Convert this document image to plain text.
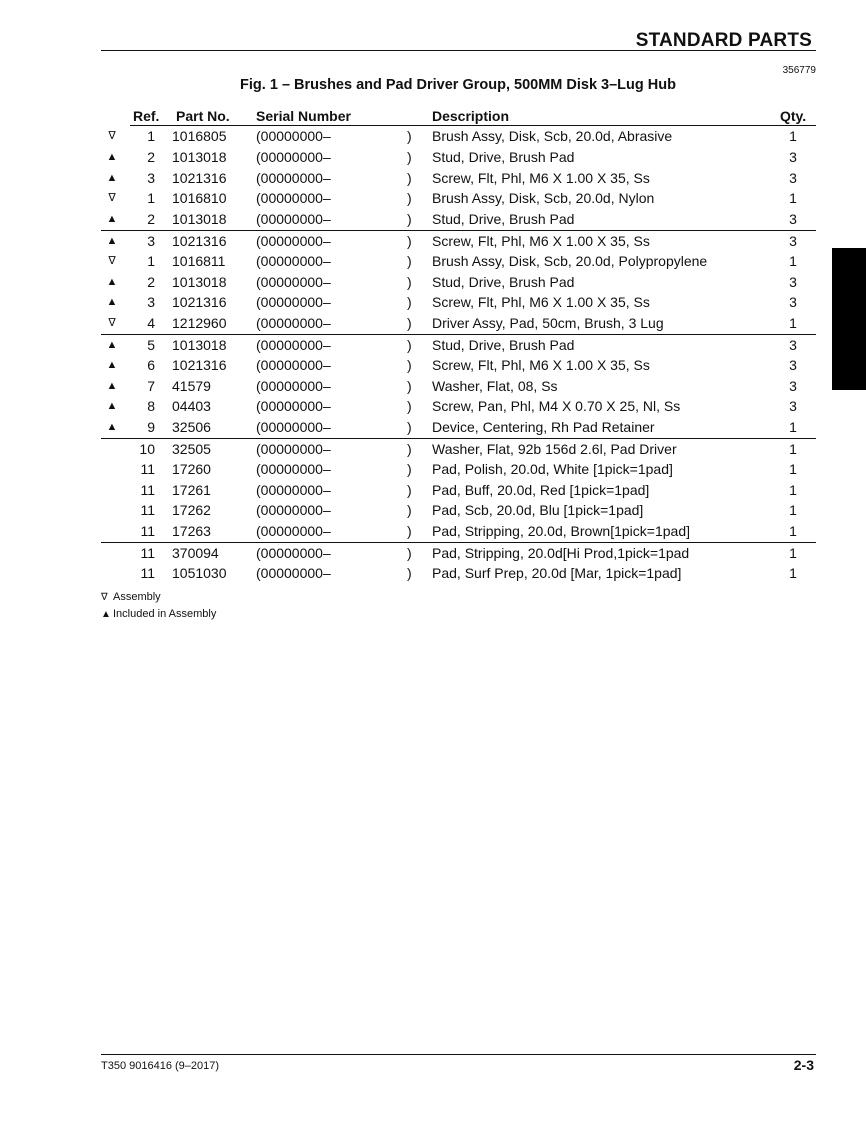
STANDARD PARTS
356779
Fig. 1 – Brushes and Pad Driver Group, 500MM Disk 3–Lug Hub
Ref. Part No. Serial Number	Description	Qty.
∇	1 1016805 (00000000–	) Brush Assy, Disk, Scb, 20.0d, Abrasive	1
▲	2 1013018 (00000000–	) Stud, Drive, Brush Pad	3
▲	3 1021316 (00000000–	) Screw, Flt, Phl, M6 X 1.00 X 35, Ss	3
∇	1 1016810 (00000000–	) Brush Assy, Disk, Scb, 20.0d, Nylon	1
▲	2 1013018 (00000000–	) Stud, Drive, Brush Pad	3
▲	3 1021316 (00000000–	) Screw, Flt, Phl, M6 X 1.00 X 35, Ss	3
∇	1 1016811 (00000000–	) Brush Assy, Disk, Scb, 20.0d, Polypropylene	1
▲	2 1013018 (00000000–	) Stud, Drive, Brush Pad	3
▲	3 1021316 (00000000–	) Screw, Flt, Phl, M6 X 1.00 X 35, Ss	3
∇	4 1212960 (00000000–	) Driver Assy, Pad, 50cm, Brush, 3 Lug	1
▲	5 1013018 (00000000–	) Stud, Drive, Brush Pad	3
▲	6 1021316 (00000000–	) Screw, Flt, Phl, M6 X 1.00 X 35, Ss	3
▲	7 41579	(00000000–	) Washer, Flat, 08, Ss	3
▲	8 04403	(00000000–	) Screw, Pan, Phl, M4 X 0.70 X 25, Nl, Ss	3
▲	9 32506	(00000000–	) Device, Centering, Rh Pad Retainer	1
10 32505	(00000000–	) Washer, Flat, 92b 156d 2.6l, Pad Driver	1
11 17260	(00000000–	) Pad, Polish, 20.0d, White [1pick=1pad]	1
11 17261	(00000000–	) Pad, Buff, 20.0d, Red [1pick=1pad]	1
11 17262	(00000000–	) Pad, Scb, 20.0d, Blu [1pick=1pad]	1
11 17263	(00000000–	) Pad, Stripping, 20.0d, Brown[1pick=1pad]	1
11 370094	(00000000–	) Pad, Stripping, 20.0d[Hi Prod,1pick=1pad	1
11 1051030 (00000000–	) Pad, Surf Prep, 20.0d [Mar, 1pick=1pad]	1
∇ Assembly
▲ Included in Assembly
T350 9016416 (9–2017)	2-3
